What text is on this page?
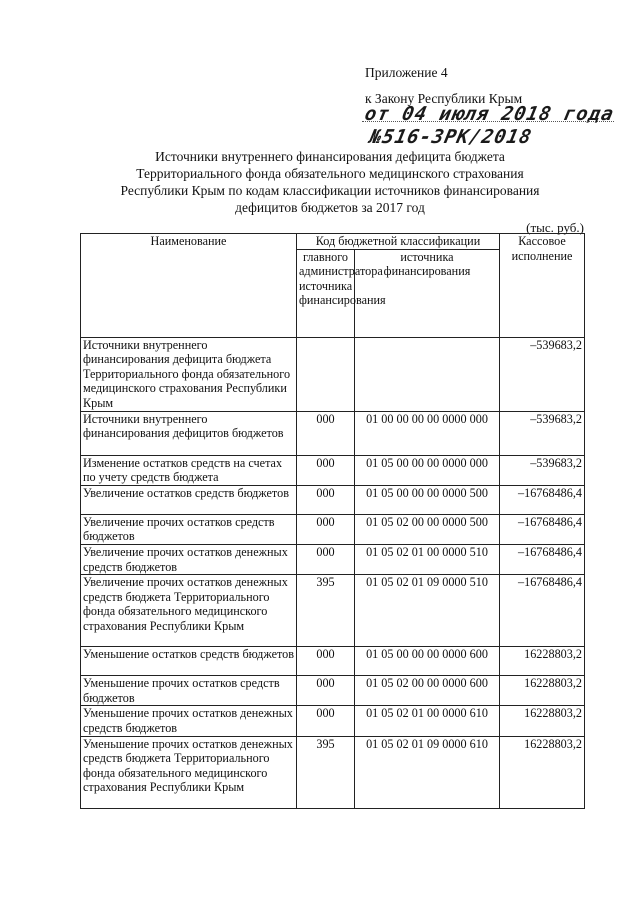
Приложение 4
к Закону Республики Крым
от 04 июля 2018 года
№516-ЗРК/2018
Источники внутреннего финансирования дефицита бюджета
Территориального фонда обязательного медицинского страхования
Республики Крым по кодам классификации источников финансирования
дефицитов бюджетов за 2017 год
(тыс. руб.)
Наименование	Код бюджетной классификации		Кассовое исполнение
	главного администратора источника финансирования	источника финансирования	
Источники внутреннего финансирования дефицита бюджета Территориального фонда обязательного медицинского страхования Республики Крым			–539683,2
Источники внутреннего финансирования дефицитов бюджетов	000	01 00 00 00 00 0000 000	–539683,2
Изменение остатков средств на счетах по учету средств бюджета	000	01 05 00 00 00 0000 000	–539683,2
Увеличение остатков средств бюджетов	000	01 05 00 00 00 0000 500	–16768486,4
Увеличение прочих остатков средств бюджетов	000	01 05 02 00 00 0000 500	–16768486,4
Увеличение прочих остатков денежных средств бюджетов	000	01 05 02 01 00 0000 510	–16768486,4
Увеличение прочих остатков денежных средств бюджета Территориального фонда обязательного медицинского страхования Республики Крым	395	01 05 02 01 09 0000 510	–16768486,4
Уменьшение остатков средств бюджетов	000	01 05 00 00 00 0000 600	16228803,2
Уменьшение прочих остатков средств бюджетов	000	01 05 02 00 00 0000 600	16228803,2
Уменьшение прочих остатков денежных средств бюджетов	000	01 05 02 01 00 0000 610	16228803,2
Уменьшение прочих остатков денежных средств бюджета Территориального фонда обязательного медицинского страхования Республики Крым	395	01 05 02 01 09 0000 610	16228803,2
